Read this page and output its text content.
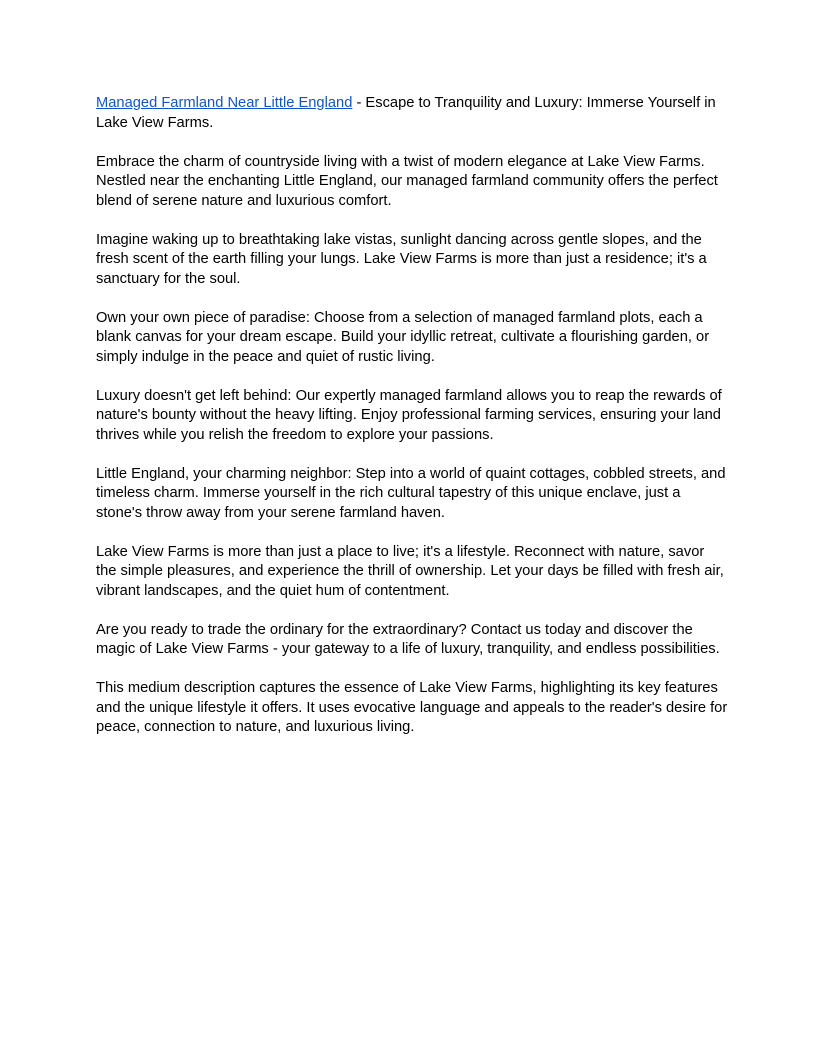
Managed Farmland Near Little England - Escape to Tranquility and Luxury: Immerse Yourself in Lake View Farms.

Embrace the charm of countryside living with a twist of modern elegance at Lake View Farms. Nestled near the enchanting Little England, our managed farmland community offers the perfect blend of serene nature and luxurious comfort.

Imagine waking up to breathtaking lake vistas, sunlight dancing across gentle slopes, and the fresh scent of the earth filling your lungs. Lake View Farms is more than just a residence; it's a sanctuary for the soul.

Own your own piece of paradise: Choose from a selection of managed farmland plots, each a blank canvas for your dream escape. Build your idyllic retreat, cultivate a flourishing garden, or simply indulge in the peace and quiet of rustic living.

Luxury doesn't get left behind: Our expertly managed farmland allows you to reap the rewards of nature's bounty without the heavy lifting. Enjoy professional farming services, ensuring your land thrives while you relish the freedom to explore your passions.

Little England, your charming neighbor: Step into a world of quaint cottages, cobbled streets, and timeless charm. Immerse yourself in the rich cultural tapestry of this unique enclave, just a stone's throw away from your serene farmland haven.

Lake View Farms is more than just a place to live; it's a lifestyle. Reconnect with nature, savor the simple pleasures, and experience the thrill of ownership. Let your days be filled with fresh air, vibrant landscapes, and the quiet hum of contentment.

Are you ready to trade the ordinary for the extraordinary? Contact us today and discover the magic of Lake View Farms - your gateway to a life of luxury, tranquility, and endless possibilities.

This medium description captures the essence of Lake View Farms, highlighting its key features and the unique lifestyle it offers. It uses evocative language and appeals to the reader's desire for peace, connection to nature, and luxurious living.
